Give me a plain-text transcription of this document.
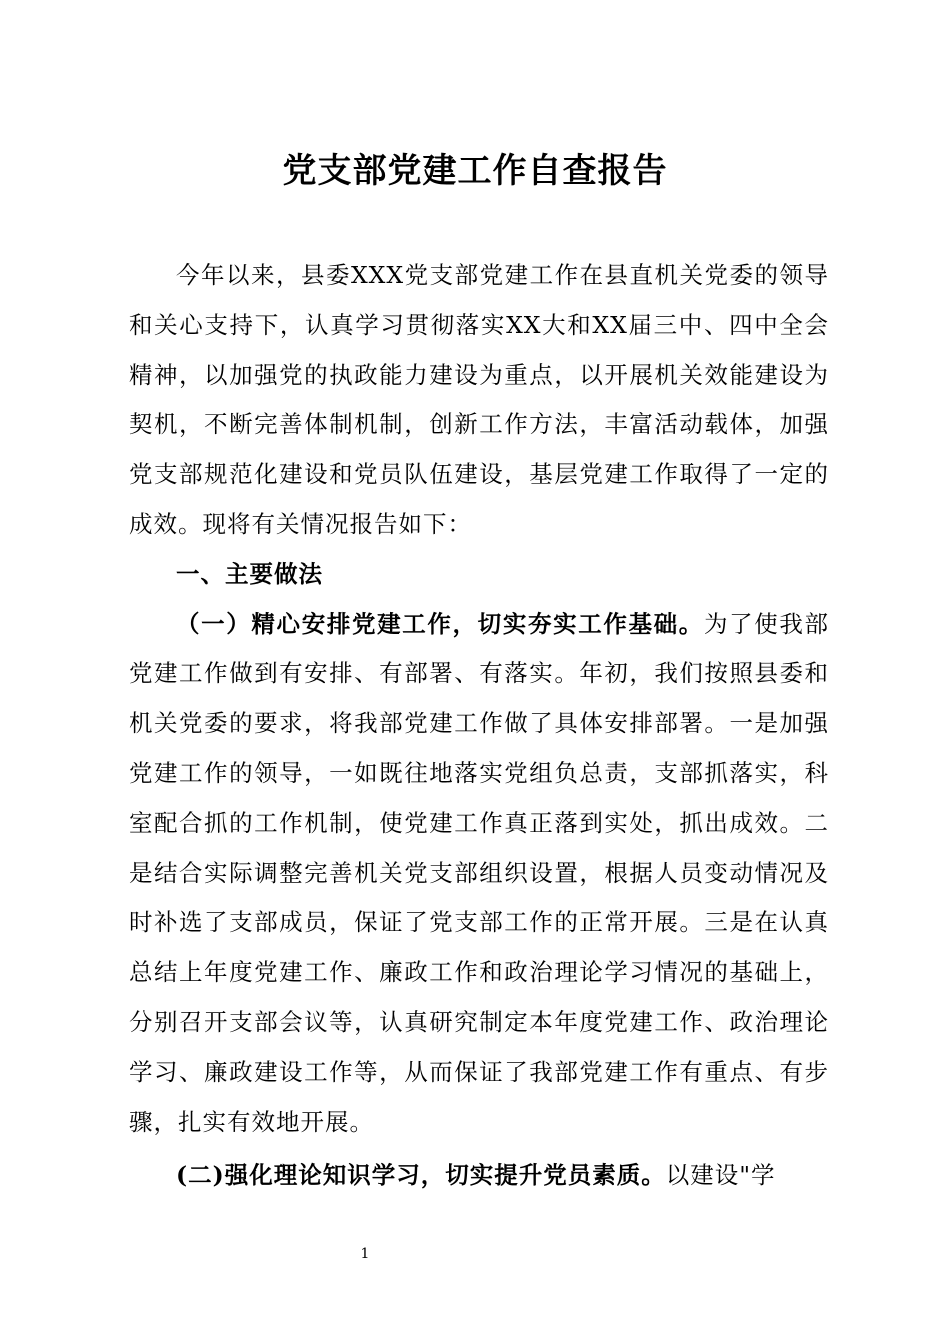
党支部党建工作自查报告

今年以来，县委XXX党支部党建工作在县直机关党委的领导和关心支持下，认真学习贯彻落实XX大和XX届三中、四中全会精神，以加强党的执政能力建设为重点，以开展机关效能建设为契机，不断完善体制机制，创新工作方法，丰富活动载体，加强党支部规范化建设和党员队伍建设，基层党建工作取得了一定的成效。现将有关情况报告如下：

一、主要做法

（一）精心安排党建工作，切实夯实工作基础。为了使我部党建工作做到有安排、有部署、有落实。年初，我们按照县委和机关党委的要求，将我部党建工作做了具体安排部署。一是加强党建工作的领导，一如既往地落实党组负总责，支部抓落实，科室配合抓的工作机制，使党建工作真正落到实处，抓出成效。二是结合实际调整完善机关党支部组织设置，根据人员变动情况及时补选了支部成员，保证了党支部工作的正常开展。三是在认真总结上年度党建工作、廉政工作和政治理论学习情况的基础上，分别召开支部会议等，认真研究制定本年度党建工作、政治理论学习、廉政建设工作等，从而保证了我部党建工作有重点、有步骤，扎实有效地开展。

(二)强化理论知识学习，切实提升党员素质。以建设"学

1
